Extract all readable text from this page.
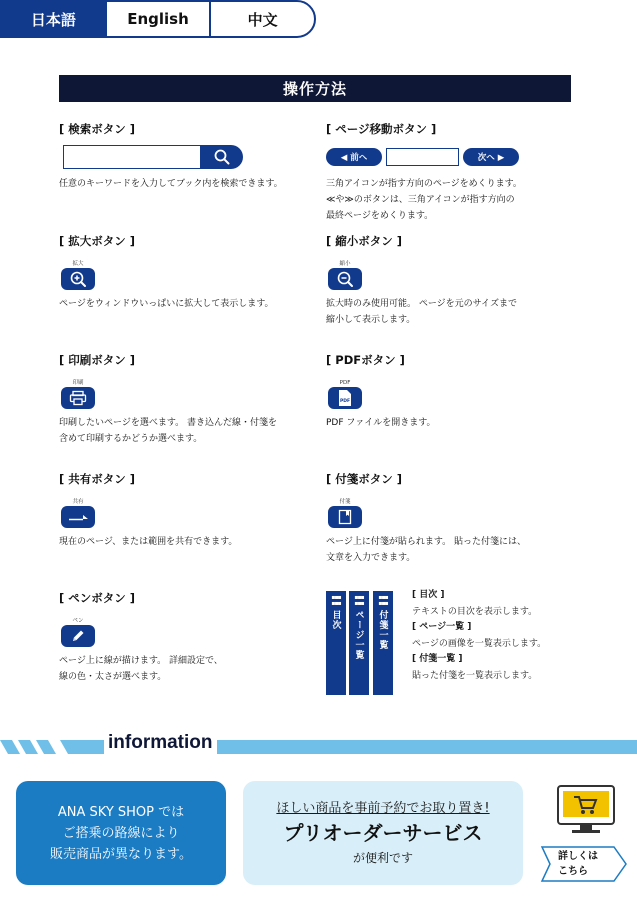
日本語	English	中文
操作方法
[ 検索ボタン ]
任意のキーワードを入力してブック内を検索できます。
[ ページ移動ボタン ]
◀ 前へ	次へ ▶
三角アイコンが指す方向のページをめくります。
≪や≫のボタンは、三角アイコンが指す方向の
最終ページをめくります。
[ 拡大ボタン ]
拡大
ページをウィンドウいっぱいに拡大して表示します。
[ 縮小ボタン ]
縮小
拡大時のみ使用可能。 ページを元のサイズまで
縮小して表示します。
[ 印刷ボタン ]
印刷
印刷したいページを選べます。 書き込んだ線・付箋を
含めて印刷するかどうか選べます。
[ PDFボタン ]
PDF
PDF
PDF ファイルを開きます。
[ 共有ボタン ]
共有
現在のページ、または範囲を共有できます。
[ 付箋ボタン ]
付箋
ページ上に付箋が貼られます。 貼った付箋には、
文章を入力できます。
[ ペンボタン ]
ペン
ページ上に線が描けます。 詳細設定で、
線の色・太さが選べます。
▪▪▪
▪▪▪
目次
▪▪▪
▪▪▪
ページ一覧
▪▪▪
▪▪▪
付箋一覧
[ 目次 ]
テキストの目次を表示します。
[ ページ一覧 ]
ページの画像を一覧表示します。
[ 付箋一覧 ]
貼った付箋を一覧表示します。
information
ANA SKY SHOP では
ご搭乗の路線により
販売商品が異なります。
ほしい商品を事前予約でお取り置き!
プリオーダーサービス
が便利です	詳しくは
こちら
